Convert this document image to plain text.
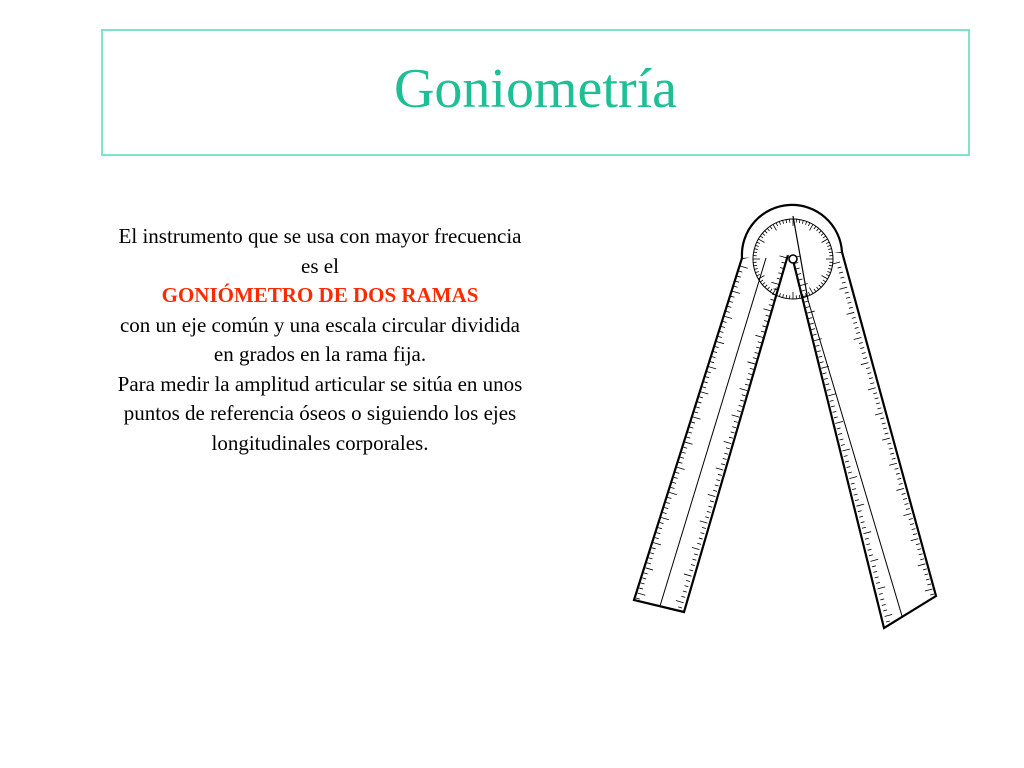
Goniometría
El instrumento que se usa con mayor frecuencia
es el
GONIÓMETRO DE DOS RAMAS
con un eje común y una escala circular dividida
en grados en la rama fija.
Para medir la amplitud articular se sitúa en unos
puntos de referencia óseos o siguiendo los ejes
longitudinales corporales.
